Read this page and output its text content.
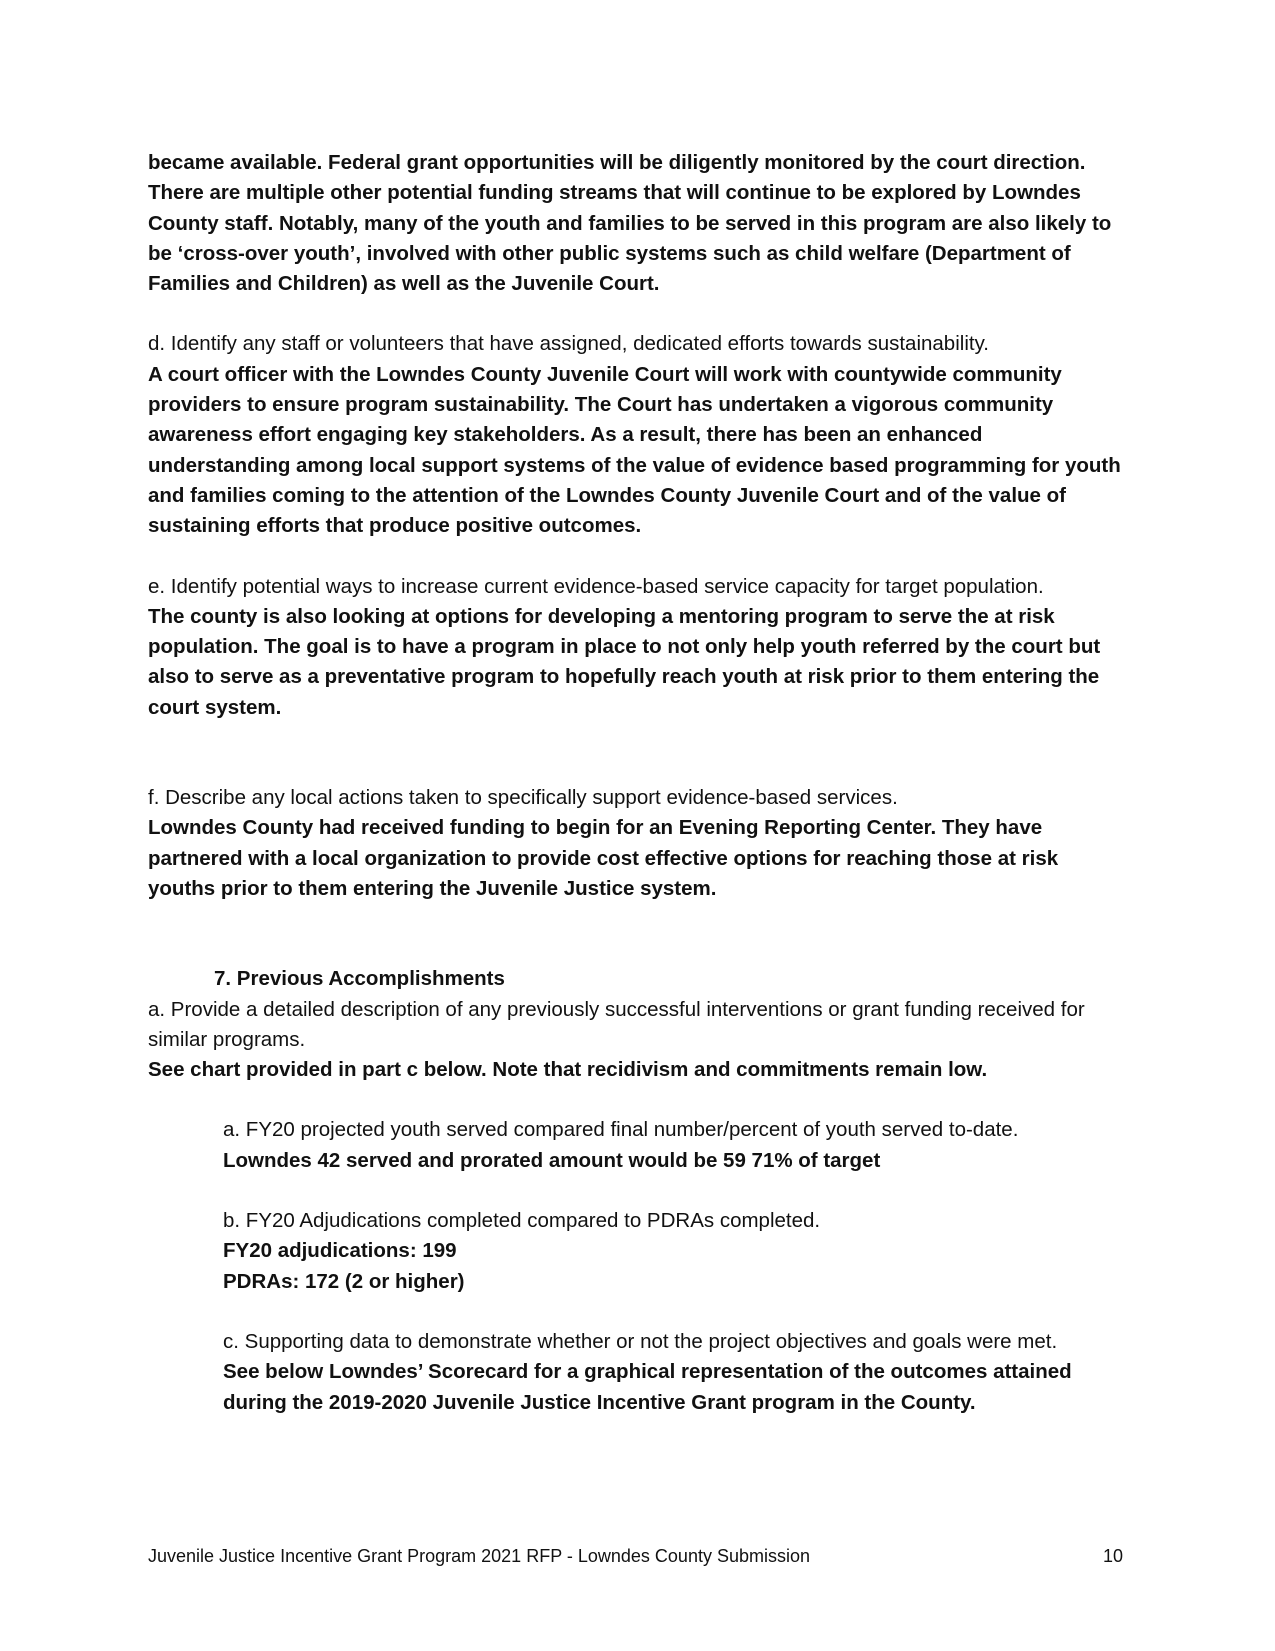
became available. Federal grant opportunities will be diligently monitored by the court direction. There are multiple other potential funding streams that will continue to be explored by Lowndes County staff. Notably, many of the youth and families to be served in this program are also likely to be ‘cross-over youth’, involved with other public systems such as child welfare (Department of Families and Children) as well as the Juvenile Court.

d. Identify any staff or volunteers that have assigned, dedicated efforts towards sustainability.

A court officer with the Lowndes County Juvenile Court will work with countywide community providers to ensure program sustainability. The Court has undertaken a vigorous community awareness effort engaging key stakeholders. As a result, there has been an enhanced understanding among local support systems of the value of evidence based programming for youth and families coming to the attention of the Lowndes County Juvenile Court and of the value of sustaining efforts that produce positive outcomes.

e. Identify potential ways to increase current evidence-based service capacity for target population.

The county is also looking at options for developing a mentoring program to serve the at risk population. The goal is to have a program in place to not only help youth referred by the court but also to serve as a preventative program to hopefully reach youth at risk prior to them entering the court system.

f. Describe any local actions taken to specifically support evidence-based services.

Lowndes County had received funding to begin for an Evening Reporting Center. They have partnered with a local organization to provide cost effective options for reaching those at risk youths prior to them entering the Juvenile Justice system.

7. Previous Accomplishments

a. Provide a detailed description of any previously successful interventions or grant funding received for similar programs.

See chart provided in part c below. Note that recidivism and commitments remain low.

a. FY20 projected youth served compared final number/percent of youth served to-date.

Lowndes 42 served and prorated amount would be 59 71% of target

b. FY20 Adjudications completed compared to PDRAs completed.

FY20 adjudications: 199

PDRAs: 172 (2 or higher)

c. Supporting data to demonstrate whether or not the project objectives and goals were met.

See below Lowndes’ Scorecard for a graphical representation of the outcomes attained during the 2019-2020 Juvenile Justice Incentive Grant program in the County.

Juvenile Justice Incentive Grant Program 2021 RFP - Lowndes County Submission	10
